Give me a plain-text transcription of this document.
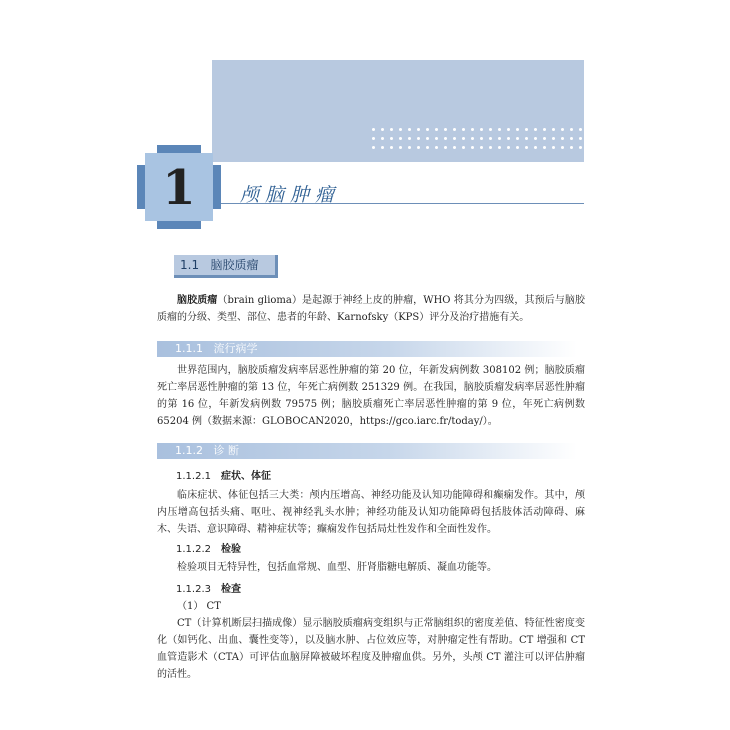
1	颅脑肿瘤
1.1 脑胶质瘤

脑胶质瘤（brain glioma）是起源于神经上皮的肿瘤，WHO 将其分为四级，其预后与脑胶质瘤的分级、类型、部位、患者的年龄、Karnofsky（KPS）评分及治疗措施有关。

1.1.1 流行病学

世界范围内，脑胶质瘤发病率居恶性肿瘤的第 20 位，年新发病例数 308102 例；脑胶质瘤死亡率居恶性肿瘤的第 13 位，年死亡病例数 251329 例。在我国，脑胶质瘤发病率居恶性肿瘤的第 16 位，年新发病例数 79575 例；脑胶质瘤死亡率居恶性肿瘤的第 9 位，年死亡病例数 65204 例（数据来源：GLOBOCAN2020，https://gco.iarc.fr/today/）。

1.1.2 诊 断
1.1.2.1 症状、体征

临床症状、体征包括三大类：颅内压增高、神经功能及认知功能障碍和癫痫发作。其中，颅内压增高包括头痛、呕吐、视神经乳头水肿；神经功能及认知功能障碍包括肢体活动障碍、麻木、失语、意识障碍、精神症状等；癫痫发作包括局灶性发作和全面性发作。

1.1.2.2 检验

检验项目无特异性，包括血常规、血型、肝肾脂糖电解质、凝血功能等。

1.1.2.3 检查

（1） CT

CT（计算机断层扫描成像）显示脑胶质瘤病变组织与正常脑组织的密度差值、特征性密度变化（如钙化、出血、囊性变等），以及脑水肿、占位效应等，对肿瘤定性有帮助。CT 增强和 CT 血管造影术（CTA）可评估血脑屏障被破坏程度及肿瘤血供。另外，头颅 CT 灌注可以评估肿瘤的活性。
